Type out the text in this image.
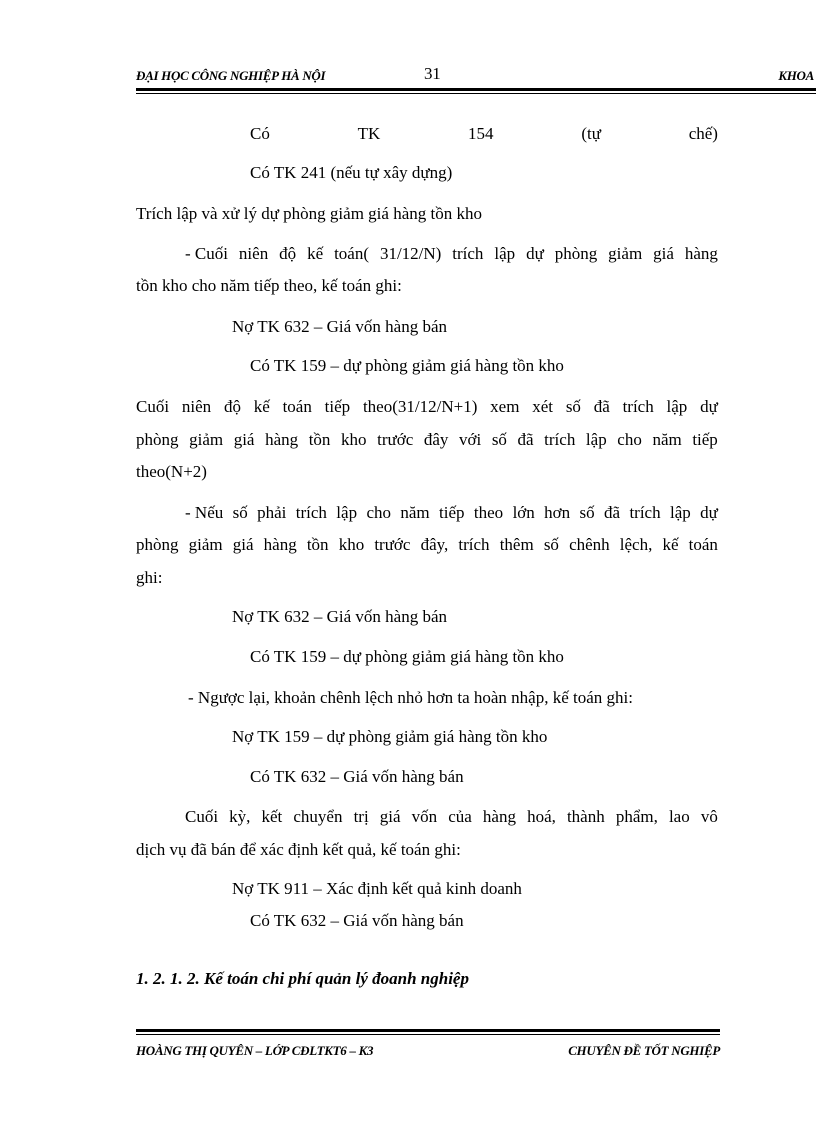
ĐẠI HỌC CÔNG NGHIỆP HÀ NỘI	31	KHOA
Có	TK	154	(tự	chế)
Có TK 241 (nếu tự xây dựng)
Trích lập và xử lý dự phòng giảm giá hàng tồn kho
- Cuối niên độ kế toán( 31/12/N) trích lập dự phòng giảm giá hàng
tồn kho cho năm tiếp theo, kế toán ghi:
Nợ TK 632 – Giá vốn hàng bán
Có TK 159 – dự phòng giảm giá hàng tồn kho
Cuối niên độ kế toán tiếp theo(31/12/N+1) xem xét số đã trích lập dự
phòng giảm giá hàng tồn kho trước đây với số đã trích lập cho năm tiếp
theo(N+2)
- Nếu số phải trích lập cho năm tiếp theo lớn hơn số đã trích lập dự
phòng giảm giá hàng tồn kho trước đây, trích thêm số chênh lệch, kế toán
ghi:
Nợ TK 632 – Giá vốn hàng bán
Có TK 159 – dự phòng giảm giá hàng tồn kho
- Ngược lại, khoản chênh lệch nhỏ hơn ta hoàn nhập, kế toán ghi:
Nợ TK 159 – dự phòng giảm giá hàng tồn kho
Có TK 632 – Giá vốn hàng bán
Cuối kỳ, kết chuyển trị giá vốn của hàng hoá, thành phẩm, lao vô
dịch vụ đã bán để xác định kết quả, kế toán ghi:
Nợ TK 911 – Xác định kết quả kinh doanh
Có TK 632 – Giá vốn hàng bán
1. 2. 1. 2. Kế toán chi phí quản lý đoanh nghiệp
HOÀNG THỊ QUYÊN – LỚP CĐLTKT6 – K3	CHUYÊN ĐỀ TỐT NGHIỆP
